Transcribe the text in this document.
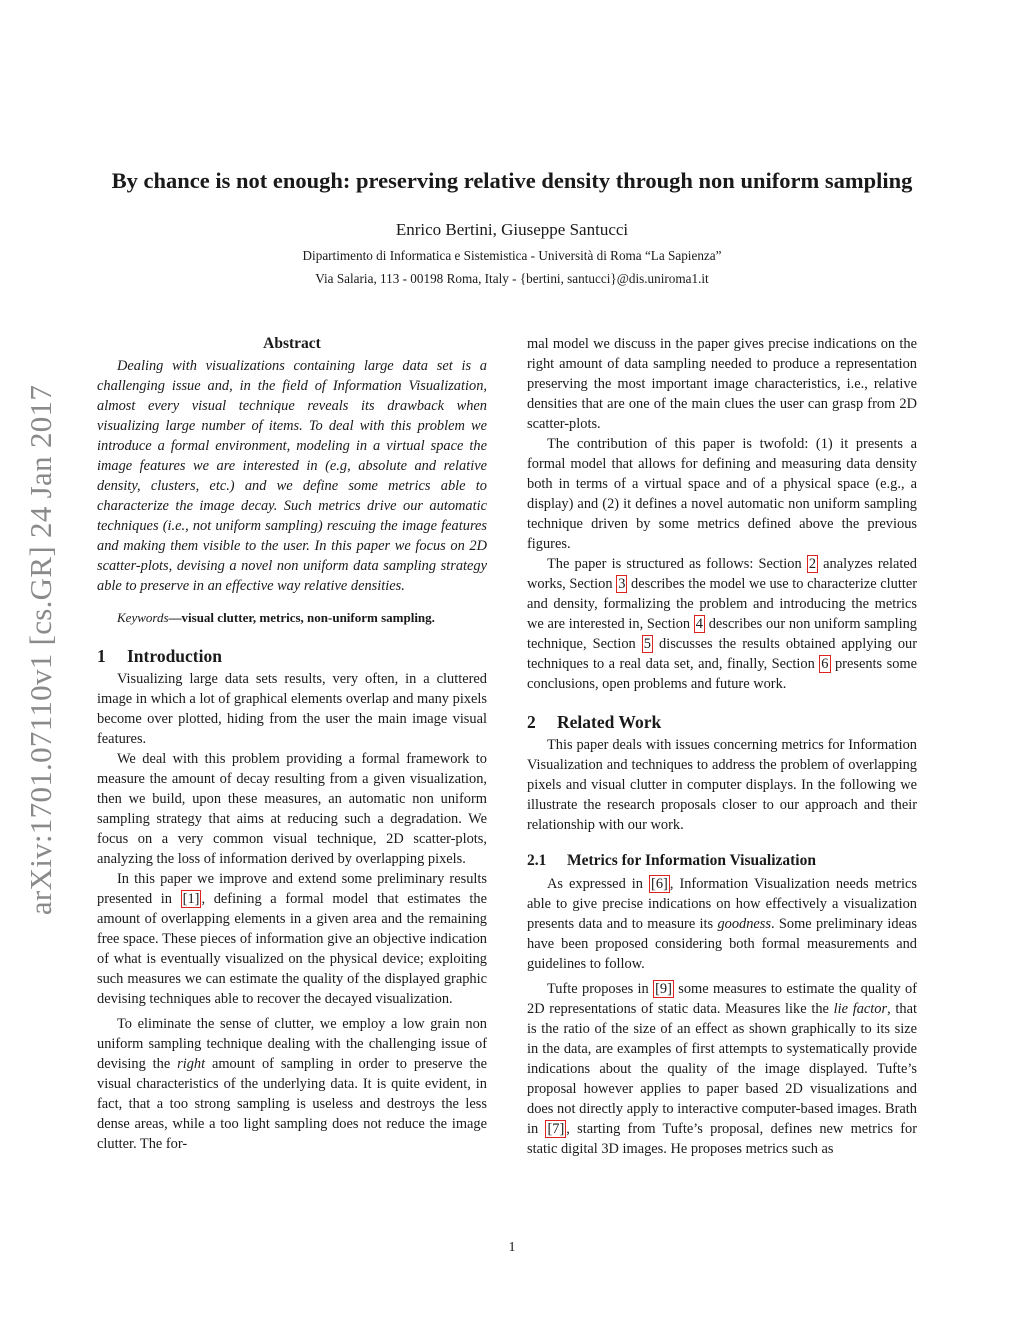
arXiv:1701.07110v1 [cs.GR] 24 Jan 2017
By chance is not enough: preserving relative density through non uniform sampling
Enrico Bertini, Giuseppe Santucci
Dipartimento di Informatica e Sistemistica - Università di Roma “La Sapienza”
Via Salaria, 113 - 00198 Roma, Italy - {bertini, santucci}@dis.uniroma1.it
Abstract

Dealing with visualizations containing large data set is a challenging issue and, in the field of Information Visualization, almost every visual technique reveals its drawback when visualizing large number of items. To deal with this problem we introduce a formal environment, modeling in a virtual space the image features we are interested in (e.g, absolute and relative density, clusters, etc.) and we define some metrics able to characterize the image decay. Such metrics drive our automatic techniques (i.e., not uniform sampling) rescuing the image features and making them visible to the user. In this paper we focus on 2D scatter-plots, devising a novel non uniform data sampling strategy able to preserve in an effective way relative densities.

Keywords—visual clutter, metrics, non-uniform sampling.

1 Introduction

Visualizing large data sets results, very often, in a cluttered image in which a lot of graphical elements overlap and many pixels become over plotted, hiding from the user the main image visual features.

We deal with this problem providing a formal framework to measure the amount of decay resulting from a given visualization, then we build, upon these measures, an automatic non uniform sampling strategy that aims at reducing such a degradation. We focus on a very common visual technique, 2D scatter-plots, analyzing the loss of information derived by overlapping pixels.

In this paper we improve and extend some preliminary results presented in [1] , defining a formal model that estimates the amount of overlapping elements in a given area and the remaining free space. These pieces of information give an objective indication of what is eventually visualized on the physical device; exploiting such measures we can estimate the quality of the displayed graphic devising techniques able to recover the decayed visualization.

To eliminate the sense of clutter, we employ a low grain non uniform sampling technique dealing with the challenging issue of devising the right amount of sampling in order to preserve the visual characteristics of the underlying data. It is quite evident, in fact, that a too strong sampling is useless and destroys the less dense areas, while a too light sampling does not reduce the image clutter. The for-

mal model we discuss in the paper gives precise indications on the right amount of data sampling needed to produce a representation preserving the most important image characteristics, i.e., relative densities that are one of the main clues the user can grasp from 2D scatter-plots.

The contribution of this paper is twofold: (1) it presents a formal model that allows for defining and measuring data density both in terms of a virtual space and of a physical space (e.g., a display) and (2) it defines a novel automatic non uniform sampling technique driven by some metrics defined above the previous figures.

The paper is structured as follows: Section 2 analyzes related works, Section 3 describes the model we use to characterize clutter and density, formalizing the problem and introducing the metrics we are interested in, Section 4 describes our non uniform sampling technique, Section 5 discusses the results obtained applying our techniques to a real data set, and, finally, Section 6 presents some conclusions, open problems and future work.

2 Related Work

This paper deals with issues concerning metrics for Information Visualization and techniques to address the problem of overlapping pixels and visual clutter in computer displays. In the following we illustrate the research proposals closer to our approach and their relationship with our work.

2.1 Metrics for Information Visualization

As expressed in [6] , Information Visualization needs metrics able to give precise indications on how effectively a visualization presents data and to measure its goodness. Some preliminary ideas have been proposed considering both formal measurements and guidelines to follow.

Tufte proposes in [9] some measures to estimate the quality of 2D representations of static data. Measures like the lie factor, that is the ratio of the size of an effect as shown graphically to its size in the data, are examples of first attempts to systematically provide indications about the quality of the image displayed. Tufte’s proposal however applies to paper based 2D visualizations and does not directly apply to interactive computer-based images. Brath in [7] , starting from Tufte’s proposal, defines new metrics for static digital 3D images. He proposes metrics such as

1
